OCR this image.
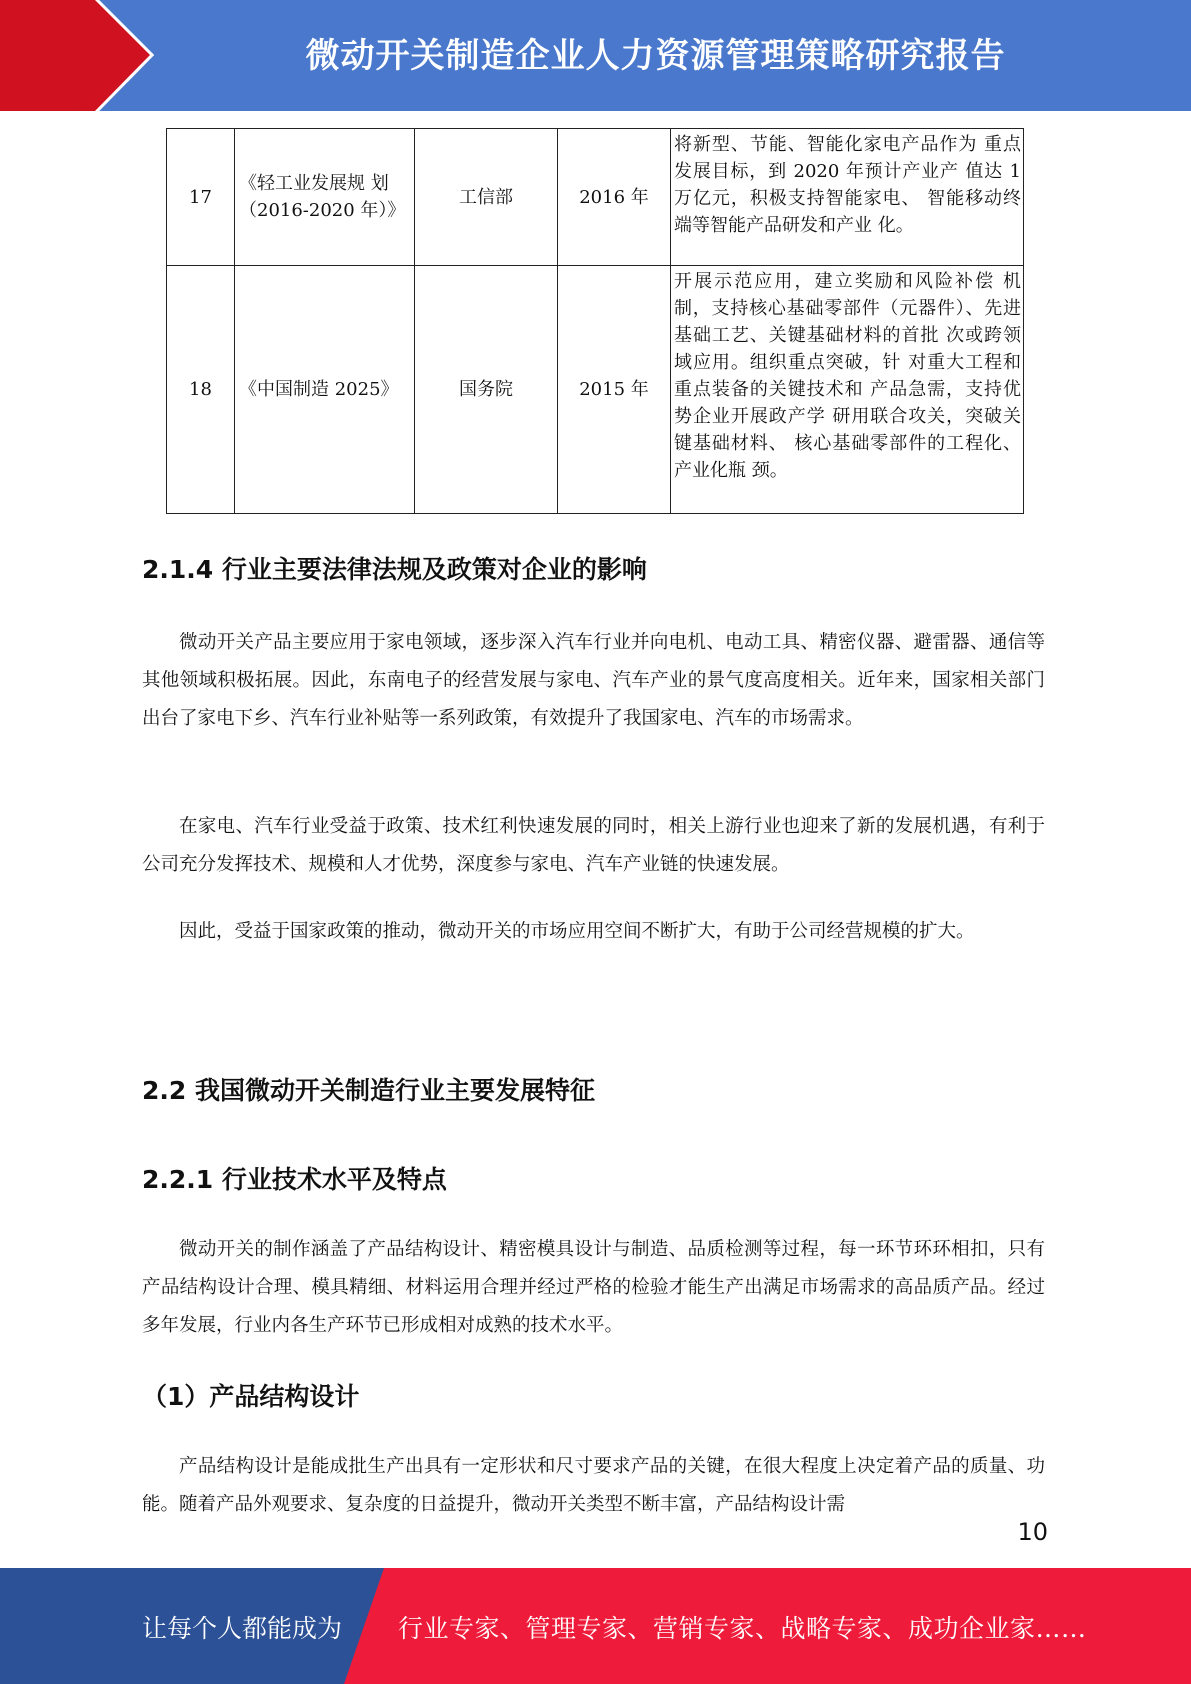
微动开关制造企业人力资源管理策略研究报告
17	《轻工业发展规 划（2016-2020 年）》	工信部	2016 年	将新型、节能、智能化家电产品作为 重点发展目标，到 2020 年预计产业产 值达 1 万亿元，积极支持智能家电、 智能移动终端等智能产品研发和产业 化。
18	《中国制造 2025》	国务院	2015 年	开展示范应用，建立奖励和风险补偿 机制，支持核心基础零部件（元器件）、先进基础工艺、关键基础材料的首批 次或跨领域应用。组织重点突破，针 对重大工程和重点装备的关键技术和 产品急需，支持优势企业开展政产学 研用联合攻关，突破关键基础材料、 核心基础零部件的工程化、产业化瓶 颈。
2.1.4 行业主要法律法规及政策对企业的影响

微动开关产品主要应用于家电领域，逐步深入汽车行业并向电机、电动工具、精密仪器、避雷器、通信等其他领域积极拓展。因此，东南电子的经营发展与家电、汽车产业的景气度高度相关。近年来，国家相关部门出台了家电下乡、汽车行业补贴等一系列政策，有效提升了我国家电、汽车的市场需求。

在家电、汽车行业受益于政策、技术红利快速发展的同时，相关上游行业也迎来了新的发展机遇，有利于公司充分发挥技术、规模和人才优势，深度参与家电、汽车产业链的快速发展。

因此，受益于国家政策的推动，微动开关的市场应用空间不断扩大，有助于公司经营规模的扩大。

2.2 我国微动开关制造行业主要发展特征
2.2.1 行业技术水平及特点

微动开关的制作涵盖了产品结构设计、精密模具设计与制造、品质检测等过程，每一环节环环相扣，只有产品结构设计合理、模具精细、材料运用合理并经过严格的检验才能生产出满足市场需求的高品质产品。经过多年发展，行业内各生产环节已形成相对成熟的技术水平。

（1）产品结构设计

产品结构设计是能成批生产出具有一定形状和尺寸要求产品的关键，在很大程度上决定着产品的质量、功能。随着产品外观要求、复杂度的日益提升，微动开关类型不断丰富，产品结构设计需

10
让每个人都能成为 行业专家、管理专家、营销专家、战略专家、成功企业家……
